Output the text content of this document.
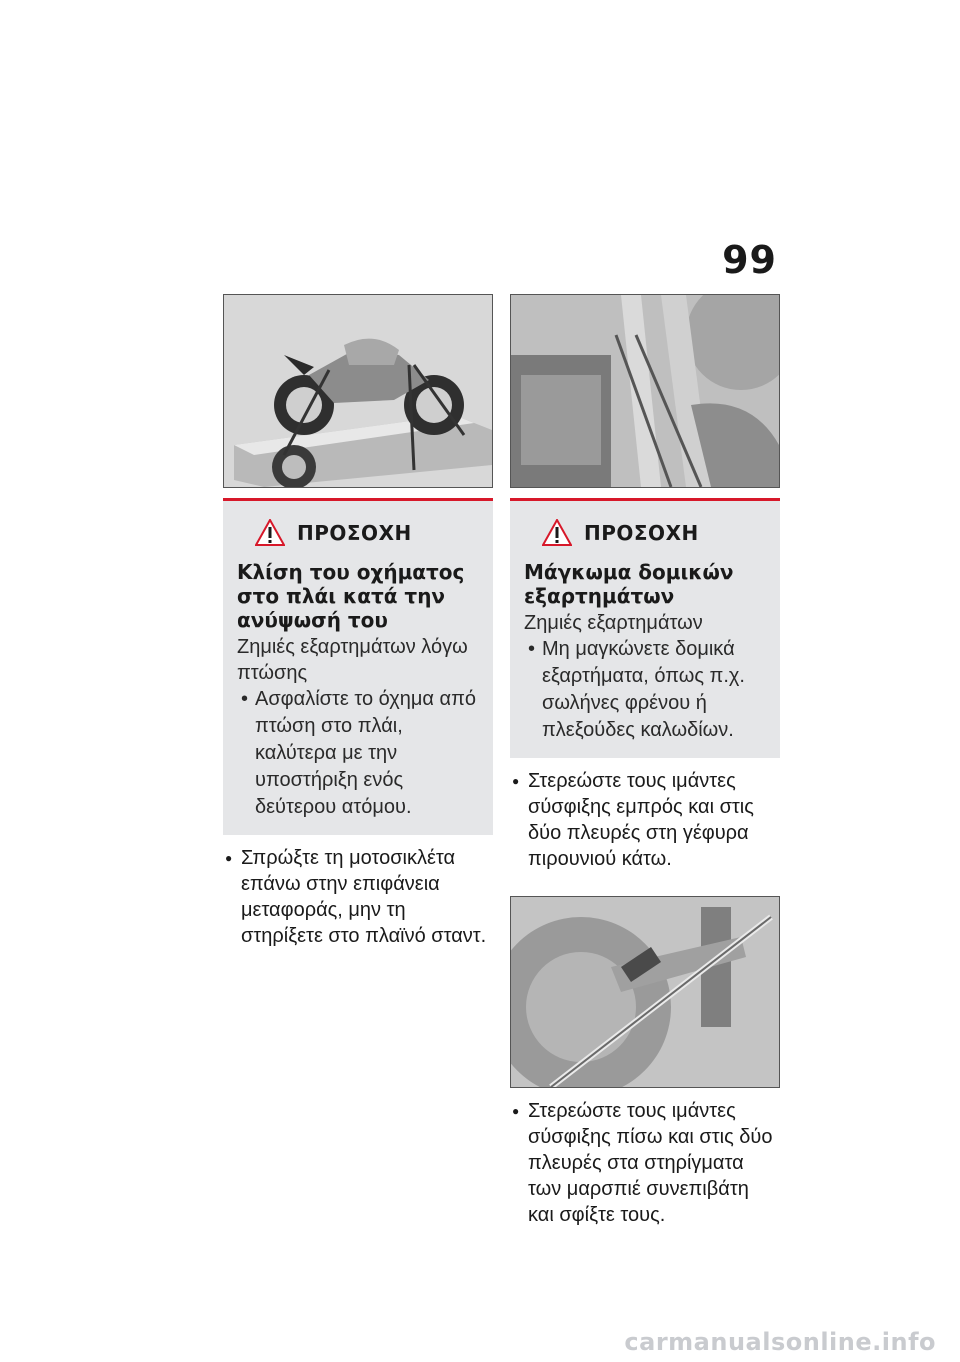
99
ΠΡΟΣΟΧΗ
Κλίση του οχήματος στο πλάι κατά την ανύψωσή του
Ζημιές εξαρτημάτων λόγω πτώσης
• Ασφαλίστε το όχημα από πτώση στο πλάι, καλύτερα με την υποστήριξη ενός δεύτερου ατόμου.
● Σπρώξτε τη μοτοσικλέτα επάνω στην επιφάνεια μεταφοράς, μην τη στηρίξετε στο πλαϊνό σταντ.
ΠΡΟΣΟΧΗ
Μάγκωμα δομικών εξαρτημάτων
Ζημιές εξαρτημάτων
• Μη μαγκώνετε δομικά εξαρτήματα, όπως π.χ. σωλήνες φρένου ή πλεξούδες καλωδίων.
● Στερεώστε τους ιμάντες σύσφιξης εμπρός και στις δύο πλευρές στη γέφυρα πιρουνιού κάτω.
● Στερεώστε τους ιμάντες σύσφιξης πίσω και στις δύο πλευρές στα στηρίγματα των μαρσπιέ συνεπιβάτη και σφίξτε τους.
carmanualsonline.info
